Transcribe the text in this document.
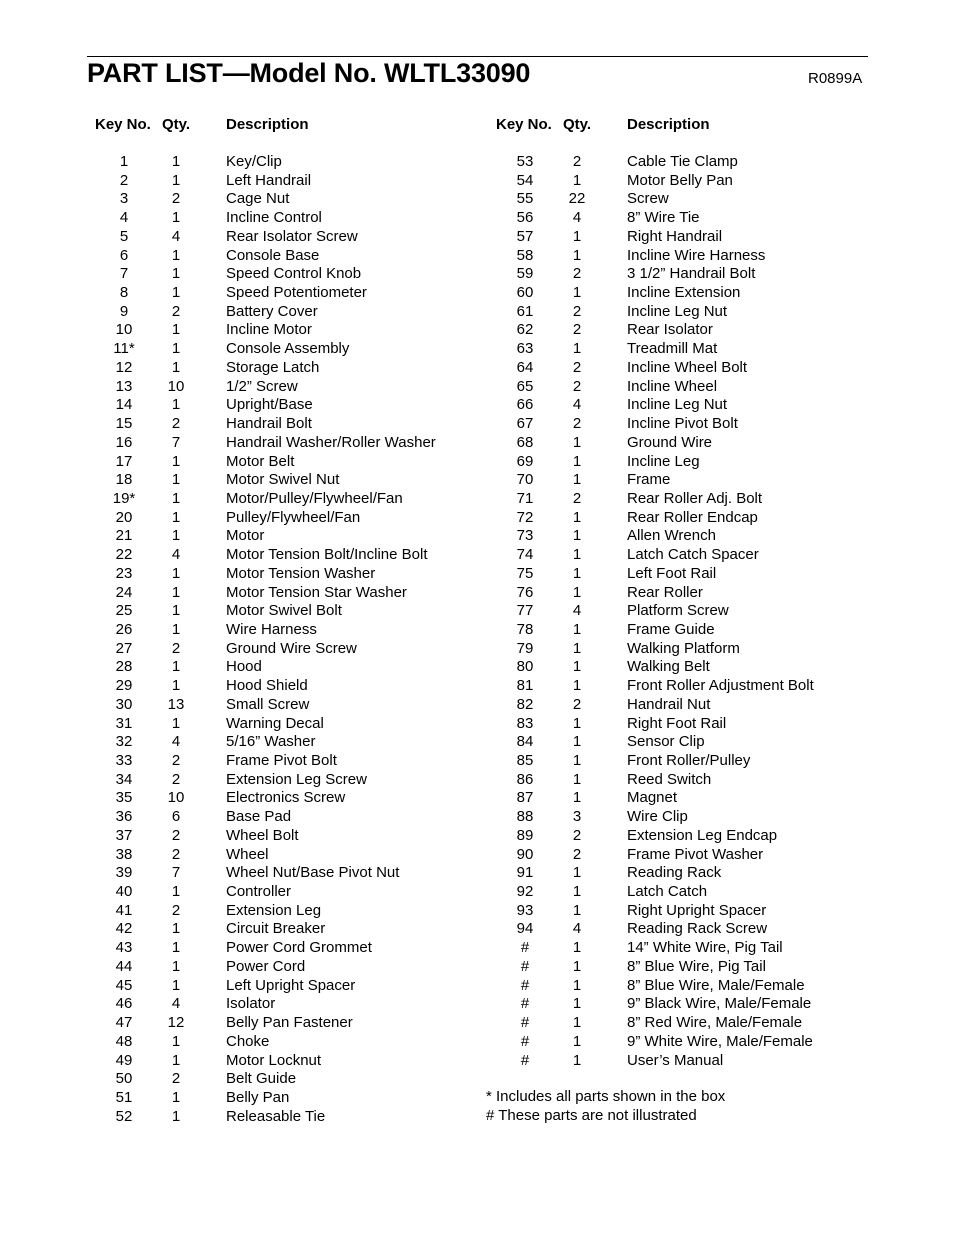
PART LIST—Model No. WLTL33090	R0899A
Key No. Qty. Description	Key No. Qty. Description
1	1	Key/Clip
2	1	Left Handrail
3	2	Cage Nut
4	1	Incline Control
5	4	Rear Isolator Screw
6	1	Console Base
7	1	Speed Control Knob
8	1	Speed Potentiometer
9	2	Battery Cover
10	1	Incline Motor
11*	1	Console Assembly
12	1	Storage Latch
13	10	1/2” Screw
14	1	Upright/Base
15	2	Handrail Bolt
16	7	Handrail Washer/Roller Washer
17	1	Motor Belt
18	1	Motor Swivel Nut
19*	1	Motor/Pulley/Flywheel/Fan
20	1	Pulley/Flywheel/Fan
21	1	Motor
22	4	Motor Tension Bolt/Incline Bolt
23	1	Motor Tension Washer
24	1	Motor Tension Star Washer
25	1	Motor Swivel Bolt
26	1	Wire Harness
27	2	Ground Wire Screw
28	1	Hood
29	1	Hood Shield
30	13	Small Screw
31	1	Warning Decal
32	4	5/16” Washer
33	2	Frame Pivot Bolt
34	2	Extension Leg Screw
35	10	Electronics Screw
36	6	Base Pad
37	2	Wheel Bolt
38	2	Wheel
39	7	Wheel Nut/Base Pivot Nut
40	1	Controller
41	2	Extension Leg
42	1	Circuit Breaker
43	1	Power Cord Grommet
44	1	Power Cord
45	1	Left Upright Spacer
46	4	Isolator
47	12	Belly Pan Fastener
48	1	Choke
49	1	Motor Locknut
50	2	Belt Guide
51	1	Belly Pan
52	1	Releasable Tie
53	2	Cable Tie Clamp
54	1	Motor Belly Pan
55	22	Screw
56	4	8” Wire Tie
57	1	Right Handrail
58	1	Incline Wire Harness
59	2	3 1/2” Handrail Bolt
60	1	Incline Extension
61	2	Incline Leg Nut
62	2	Rear Isolator
63	1	Treadmill Mat
64	2	Incline Wheel Bolt
65	2	Incline Wheel
66	4	Incline Leg Nut
67	2	Incline Pivot Bolt
68	1	Ground Wire
69	1	Incline Leg
70	1	Frame
71	2	Rear Roller Adj. Bolt
72	1	Rear Roller Endcap
73	1	Allen Wrench
74	1	Latch Catch Spacer
75	1	Left Foot Rail
76	1	Rear Roller
77	4	Platform Screw
78	1	Frame Guide
79	1	Walking Platform
80	1	Walking Belt
81	1	Front Roller Adjustment Bolt
82	2	Handrail Nut
83	1	Right Foot Rail
84	1	Sensor Clip
85	1	Front Roller/Pulley
86	1	Reed Switch
87	1	Magnet
88	3	Wire Clip
89	2	Extension Leg Endcap
90	2	Frame Pivot Washer
91	1	Reading Rack
92	1	Latch Catch
93	1	Right Upright Spacer
94	4	Reading Rack Screw
#	1	14” White Wire, Pig Tail
#	1	8” Blue Wire, Pig Tail
#	1	8” Blue Wire, Male/Female
#	1	9” Black Wire, Male/Female
#	1	8” Red Wire, Male/Female
#	1	9” White Wire, Male/Female
#	1	User’s Manual
* Includes all parts shown in the box
# These parts are not illustrated
